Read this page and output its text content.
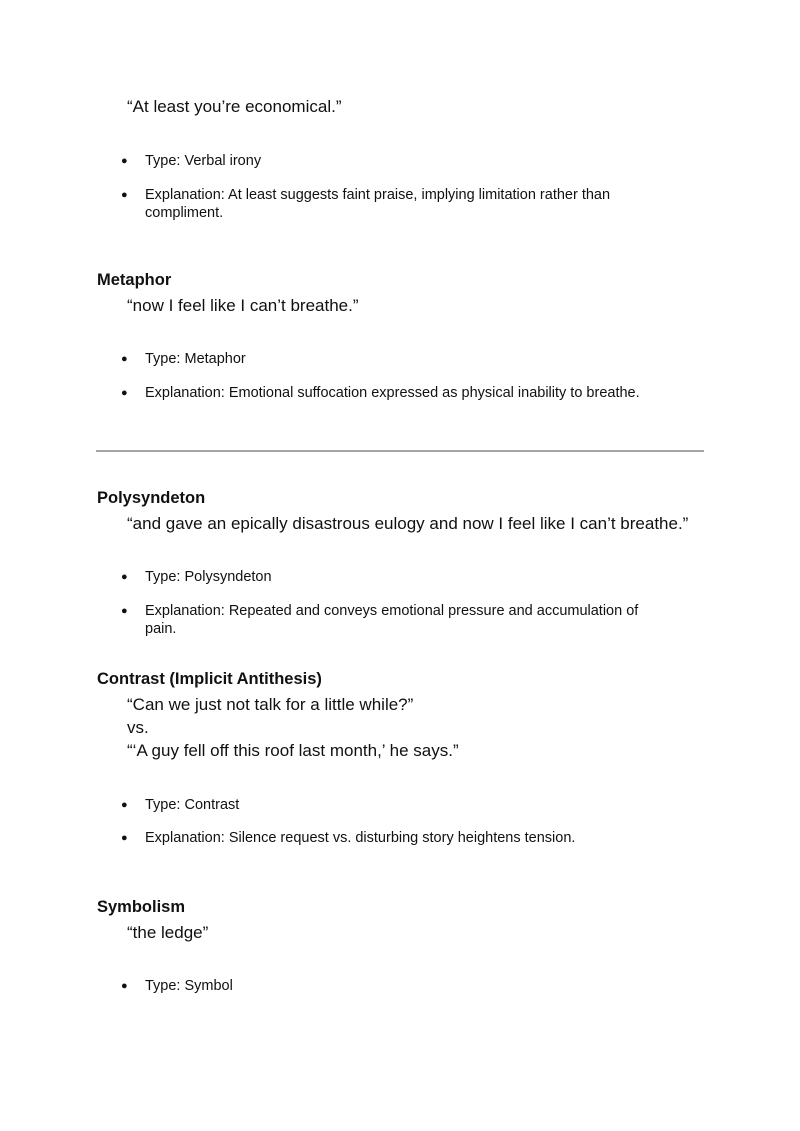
“At least you’re economical.”

● Type: Verbal irony
● Explanation: At least suggests faint praise, implying limitation rather than compliment.

Metaphor

“now I feel like I can’t breathe.”

● Type: Metaphor
● Explanation: Emotional suffocation expressed as physical inability to breathe.

Polysyndeton

“and gave an epically disastrous eulogy and now I feel like I can’t breathe.”

● Type: Polysyndeton
● Explanation: Repeated and conveys emotional pressure and accumulation of pain.

Contrast (Implicit Antithesis)

“Can we just not talk for a little while?”

vs.

“‘A guy fell off this roof last month,’ he says.”

● Type: Contrast
● Explanation: Silence request vs. disturbing story heightens tension.

Symbolism

“the ledge”

● Type: Symbol
